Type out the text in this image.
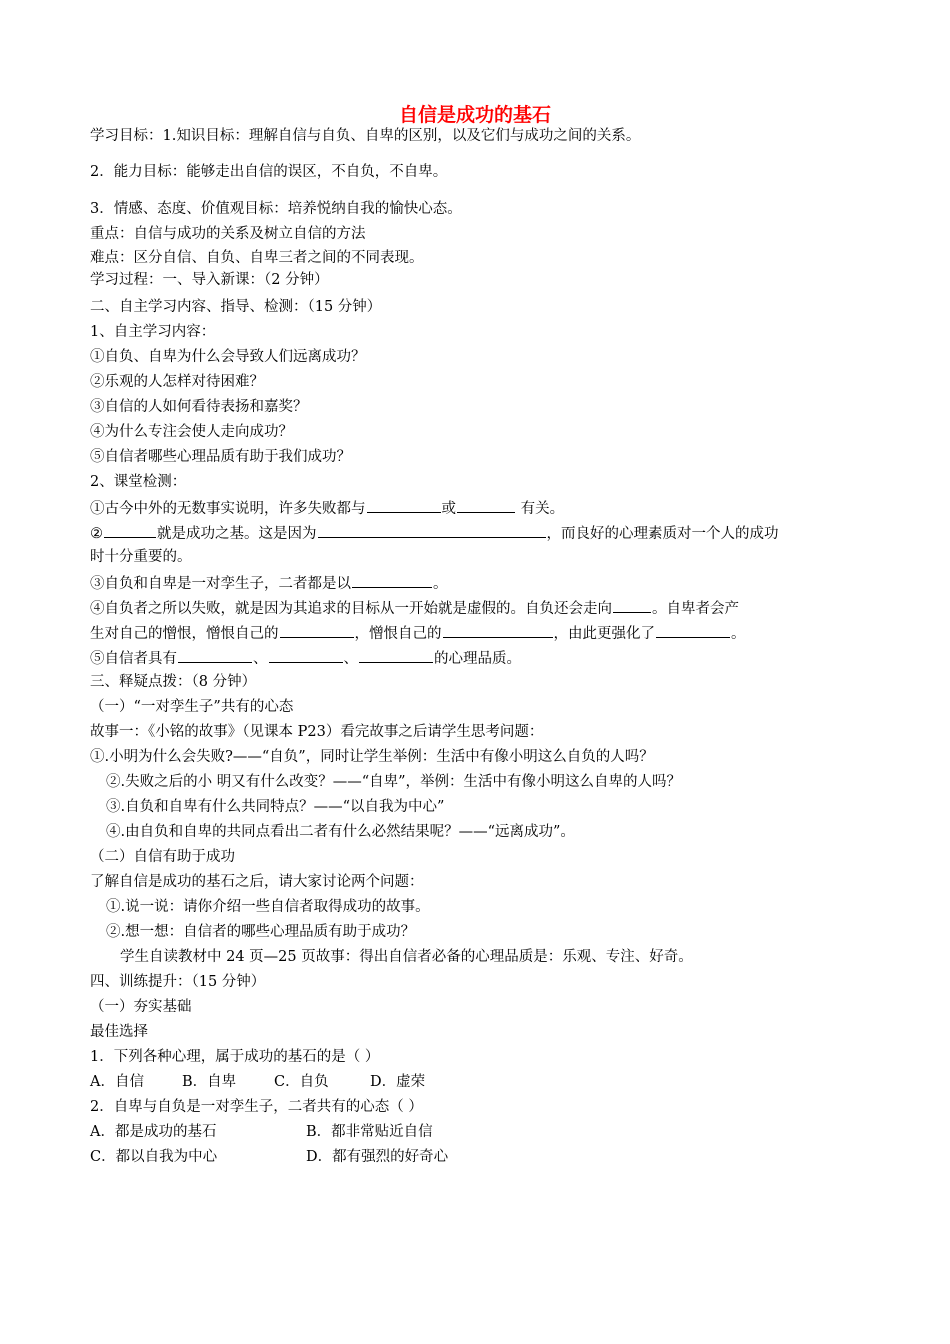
自信是成功的基石
学习目标：1.知识目标：理解自信与自负、自卑的区别，以及它们与成功之间的关系。
2．能力目标：能够走出自信的误区，不自负，不自卑。
3．情感、态度、价值观目标：培养悦纳自我的愉快心态。
重点：自信与成功的关系及树立自信的方法
难点：区分自信、自负、自卑三者之间的不同表现。
学习过程：一、导入新课：（2 分钟）
二、自主学习内容、指导、检测：（15 分钟）
1、自主学习内容：
①自负、自卑为什么会导致人们远离成功？
②乐观的人怎样对待困难？
③自信的人如何看待表扬和嘉奖？
④为什么专注会使人走向成功？
⑤自信者哪些心理品质有助于我们成功？
2、课堂检测：
①古今中外的无数事实说明，许多失败都与	或	有关。
②	就是成功之基。这是因为	，而良好的心理素质对一个人的成功
时十分重要的。
③自负和自卑是一对孪生子，二者都是以	。
④自负者之所以失败，就是因为其追求的目标从一开始就是虚假的。自负还会走向	。自卑者会产
生对自己的憎恨，憎恨自己的	，憎恨自己的	，由此更强化了	。
⑤自信者具有	、	、	的心理品质。
三、释疑点拨：（8 分钟）
（一）“一对孪生子”共有的心态
故事一：《小铭的故事》（见课本 P23）看完故事之后请学生思考问题：
①.小明为什么会失败?——“自负”，同时让学生举例：生活中有像小明这么自负的人吗？
②.失败之后的小 明又有什么改变？——“自卑”，举例：生活中有像小明这么自卑的人吗？
③.自负和自卑有什么共同特点？——“以自我为中心”
④.由自负和自卑的共同点看出二者有什么必然结果呢？——“远离成功”。
（二）自信有助于成功
了解自信是成功的基石之后，请大家讨论两个问题：
①.说一说：请你介绍一些自信者取得成功的故事。
②.想一想：自信者的哪些心理品质有助于成功？
学生自读教材中 24 页—25 页故事：得出自信者必备的心理品质是：乐观、专注、好奇。
四、训练提升：（15 分钟）
（一）夯实基础
最佳选择
1．下列各种心理，属于成功的基石的是（ ）
A．自信	B．自卑	C．自负	D．虚荣
2．自卑与自负是一对孪生子，二者共有的心态（ ）
A．都是成功的基石	B．都非常贴近自信
C．都以自我为中心	D．都有强烈的好奇心
